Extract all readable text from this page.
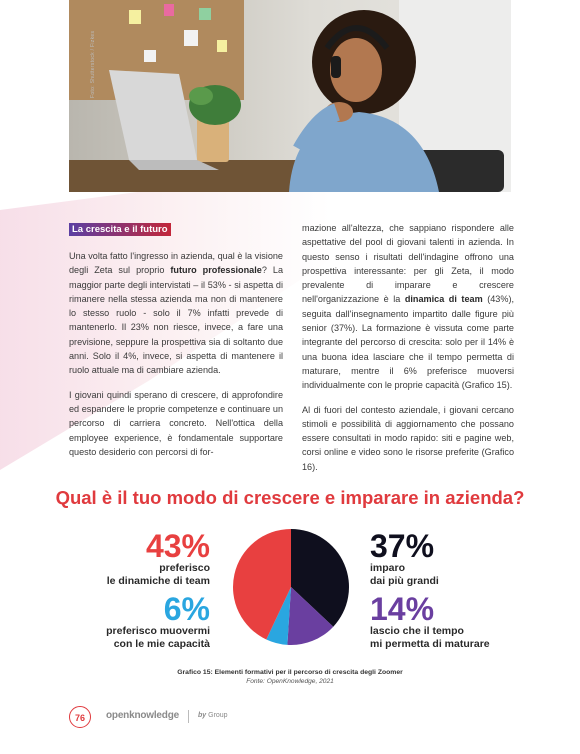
Foto: Shutterstock / Fizkes
La crescita e il futuro

Una volta fatto l'ingresso in azienda, qual è la visione degli Zeta sul proprio futuro professionale? La maggior parte degli intervistati – il 53% - si aspetta di rimanere nella stessa azienda ma non di mantenere lo stesso ruolo - solo il 7% infatti prevede di mantenerlo. Il 23% non riesce, invece, a fare una previsione, seppure la prospettiva sia di soltanto due anni. Solo il 4%, invece, si aspetta di mantenere il ruolo attuale ma di cambiare azienda.

I giovani quindi sperano di crescere, di approfondire ed espandere le proprie competenze e continuare un percorso di carriera concreto. Nell'ottica della employee experience, è fondamentale supportare questo desiderio con percorsi di for-

mazione all'altezza, che sappiano rispondere alle aspettative del pool di giovani talenti in azienda. In questo senso i risultati dell'indagine offrono una prospettiva interessante: per gli Zeta, il modo prevalente di imparare e crescere nell'organizzazione è la dinamica di team (43%), seguita dall'insegnamento impartito dalle figure più senior (37%). La formazione è vissuta come parte integrante del percorso di crescita: solo per il 14% è una buona idea lasciare che il tempo permetta di maturare, mentre il 6% preferisce muoversi individualmente con le proprie capacità (Grafico 15).

Al di fuori del contesto aziendale, i giovani cercano stimoli e possibilità di aggiornamento che possano essere consultati in modo rapido: siti e pagine web, corsi online e video sono le risorse preferite (Grafico 16).

Qual è il tuo modo di crescere e imparare in azienda?
43%
preferisco
le dinamiche di team
6%
preferisco muovermi
con le mie capacità
37%
imparo
dai più grandi
14%
lascio che il tempo
mi permetta di maturare
Grafico 15: Elementi formativi per il percorso di crescita degli Zoomer
Fonte: OpenKnowledge, 2021
76	openknowledge	by Group
